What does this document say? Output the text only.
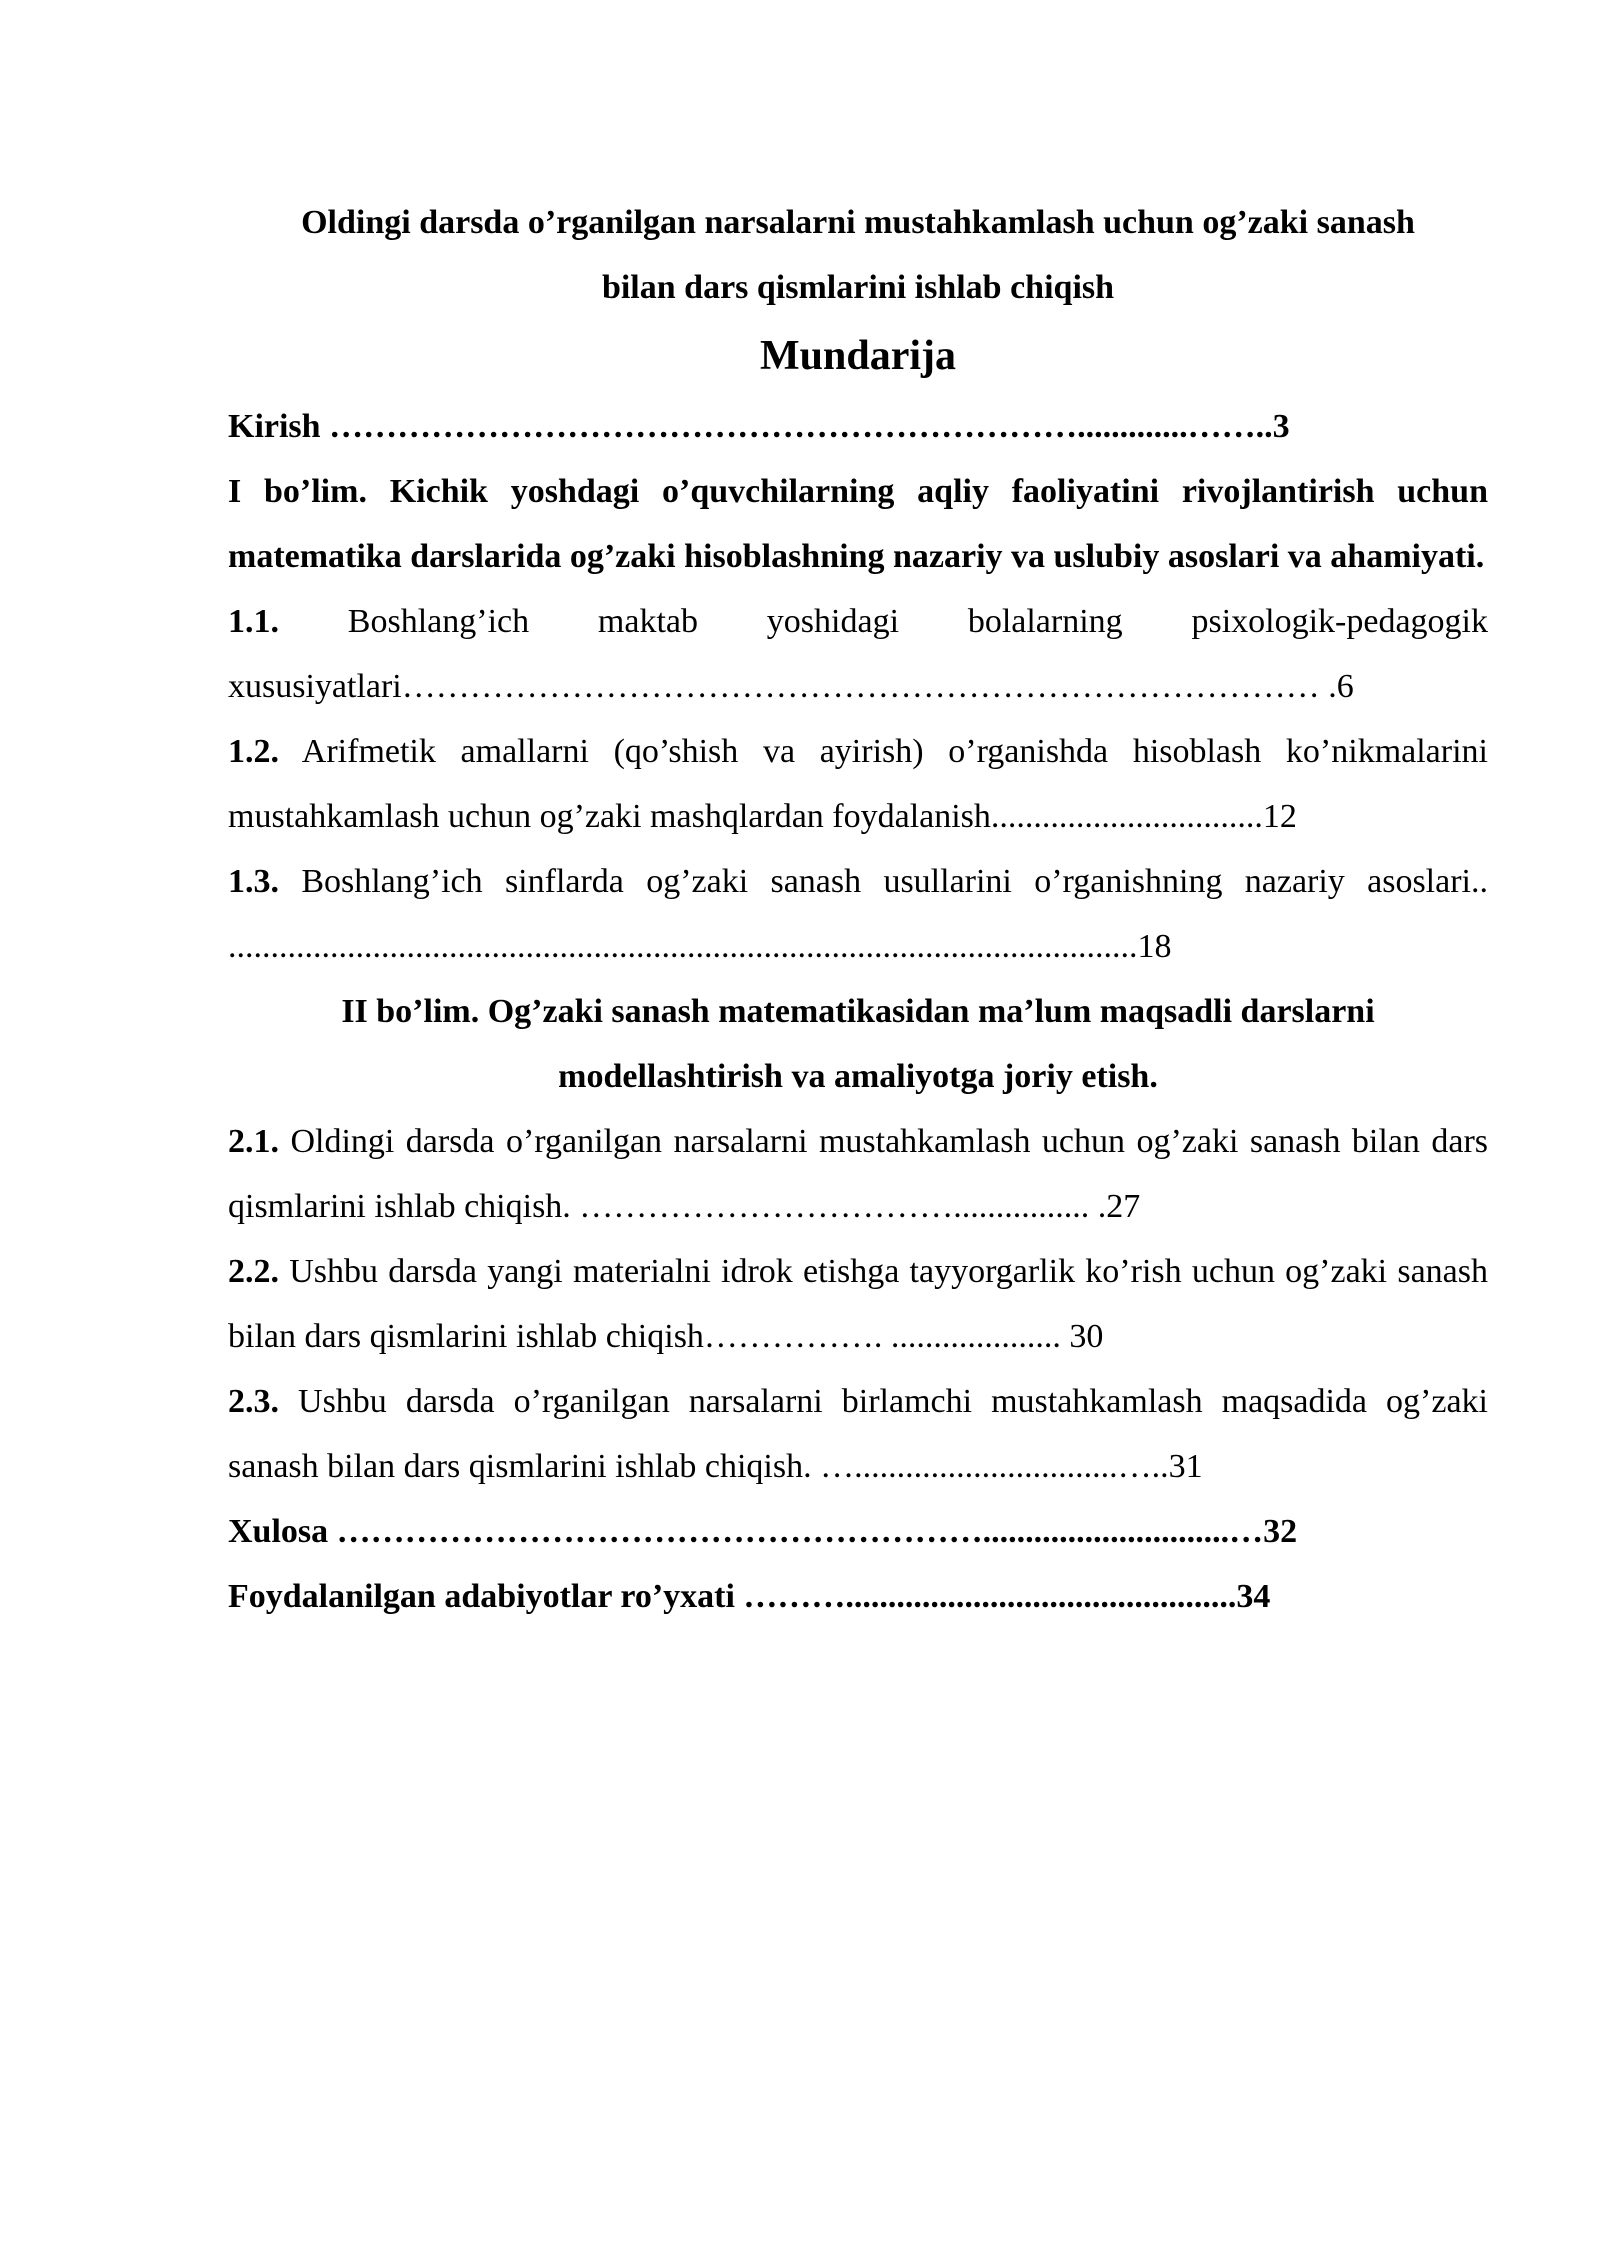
Oldingi darsda o’rganilgan narsalarni mustahkamlash uchun og’zaki sanash

bilan dars qismlarini ishlab chiqish

Mundarija

Kirish ………………………………………………………….............……..3

I bo’lim. Kichik yoshdagi o’quvchilarning aqliy faoliyatini rivojlantirish uchun matematika darslarida og’zaki hisoblashning nazariy va uslubiy asoslari va ahamiyati.

1.1. Boshlang’ich maktab yoshidagi bolalarning psixologik-pedagogik xususiyatlari……………………………………………………………………… .6

1.2. Arifmetik amallarni (qo’shish va ayirish) o’rganishda hisoblash ko’nikmalarini mustahkamlash uchun og’zaki mashqlardan foydalanish................................12

1.3. Boshlang’ich sinflarda og’zaki sanash usullarini o’rganishning nazariy asoslari.. ...........................................................................................................18

II bo’lim. Og’zaki sanash matematikasidan ma’lum maqsadli darslarni modellashtirish va amaliyotga joriy etish.

2.1. Oldingi darsda o’rganilgan narsalarni mustahkamlash uchun og’zaki sanash bilan dars qismlarini ishlab chiqish. ……………………………................ .27

2.2. Ushbu darsda yangi materialni idrok etishga tayyorgarlik ko’rish uchun og’zaki sanash bilan dars qismlarini ishlab chiqish……………. .................... 30

2.3. Ushbu darsda o’rganilgan narsalarni birlamchi mustahkamlash maqsadida og’zaki sanash bilan dars qismlarini ishlab chiqish. …...............................…..31

Xulosa ………………………………………………….............................…32

Foydalanilgan adabiyotlar ro’yxati ………..............................................34
